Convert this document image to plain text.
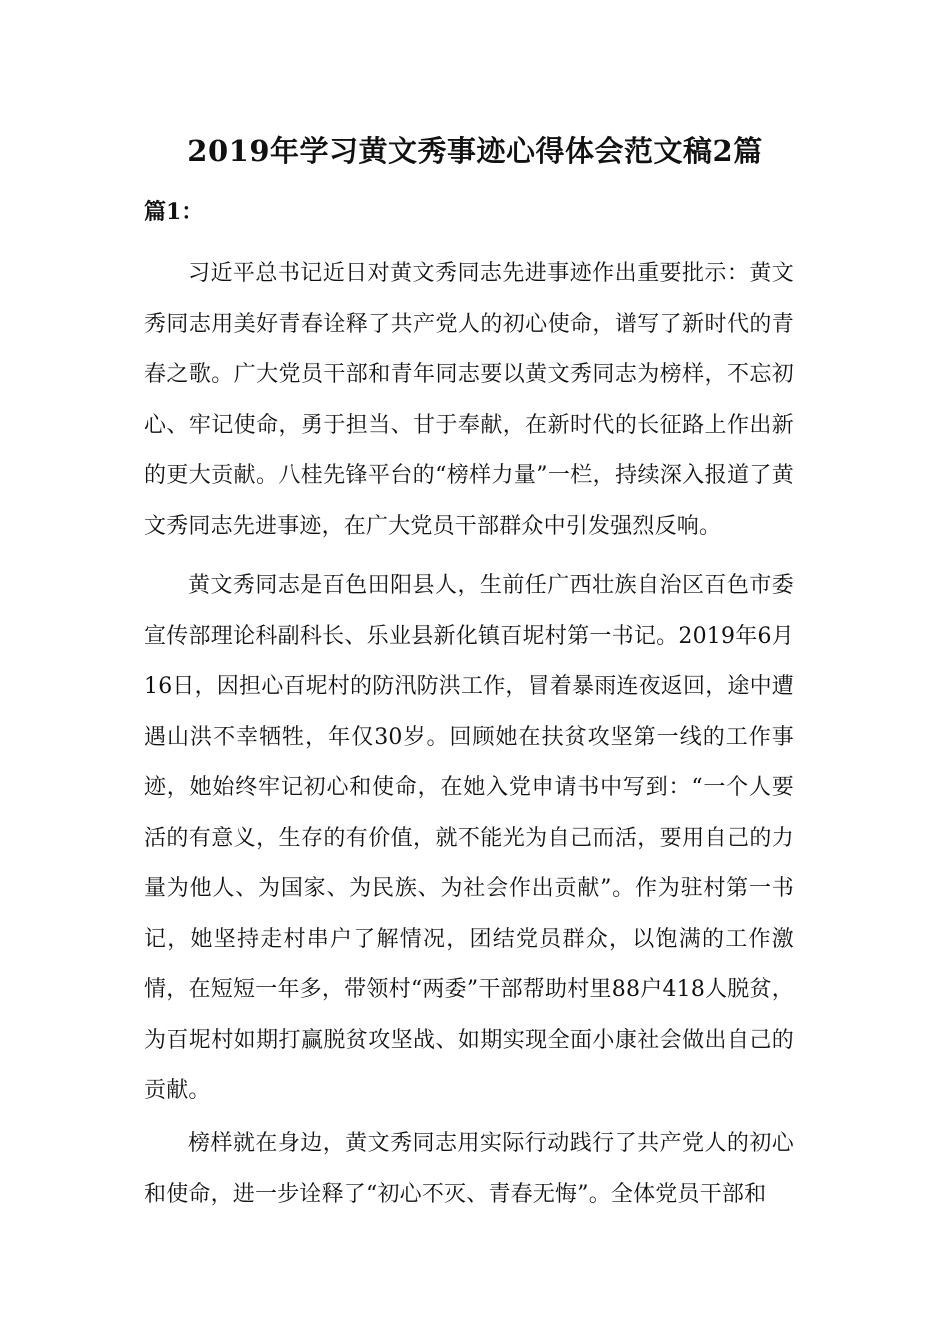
2019年学习黄文秀事迹心得体会范文稿2篇
篇1：

习近平总书记近日对黄文秀同志先进事迹作出重要批示：黄文秀同志用美好青春诠释了共产党人的初心使命，谱写了新时代的青春之歌。广大党员干部和青年同志要以黄文秀同志为榜样，不忘初心、牢记使命，勇于担当、甘于奉献，在新时代的长征路上作出新的更大贡献。八桂先锋平台的“榜样力量”一栏，持续深入报道了黄文秀同志先进事迹，在广大党员干部群众中引发强烈反响。

黄文秀同志是百色田阳县人，生前任广西壮族自治区百色市委宣传部理论科副科长、乐业县新化镇百坭村第一书记。2019年6月16日，因担心百坭村的防汛防洪工作，冒着暴雨连夜返回，途中遭遇山洪不幸牺牲，年仅30岁。回顾她在扶贫攻坚第一线的工作事迹，她始终牢记初心和使命，在她入党申请书中写到：“一个人要活的有意义，生存的有价值，就不能光为自己而活，要用自己的力量为他人、为国家、为民族、为社会作出贡献”。作为驻村第一书记，她坚持走村串户了解情况，团结党员群众，以饱满的工作激情，在短短一年多，带领村“两委”干部帮助村里88户418人脱贫，为百坭村如期打赢脱贫攻坚战、如期实现全面小康社会做出自己的贡献。

榜样就在身边，黄文秀同志用实际行动践行了共产党人的初心和使命，进一步诠释了“初心不灭、青春无悔”。全体党员干部和
